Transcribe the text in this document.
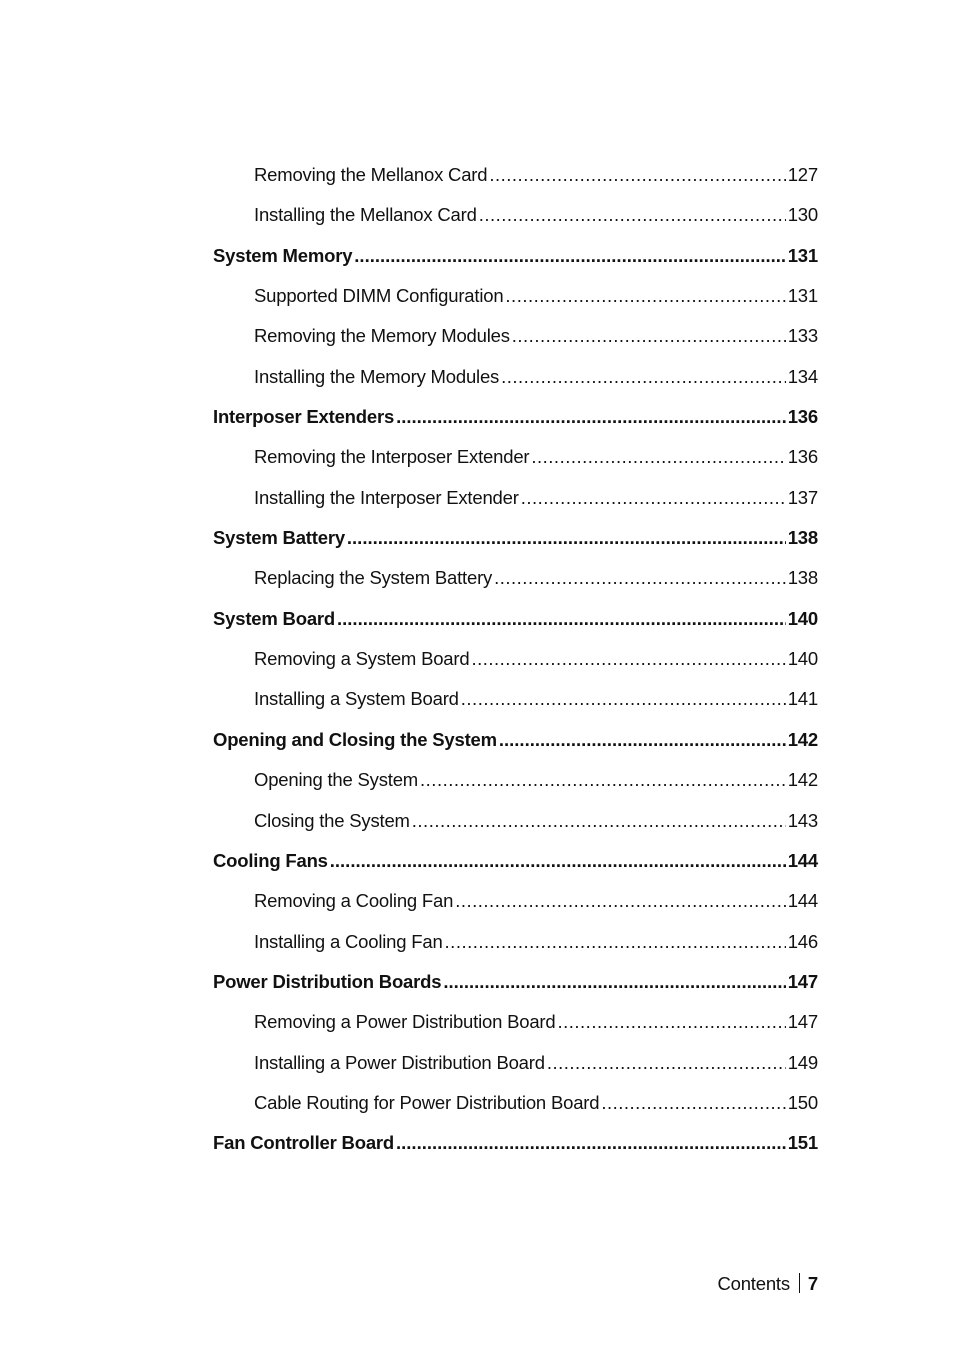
Removing the Mellanox Card .....	127
Installing the Mellanox Card .....	130
System Memory .....	131
Supported DIMM Configuration .....	131
Removing the Memory Modules .....	133
Installing the Memory Modules .....	134
Interposer Extenders .....	136
Removing the Interposer Extender .....	136
Installing the Interposer Extender .....	137
System Battery .....	138
Replacing the System Battery .....	138
System Board .....	140
Removing a System Board .....	140
Installing a System Board .....	141
Opening and Closing the System .....	142
Opening the System .....	142
Closing the System .....	143
Cooling Fans .....	144
Removing a Cooling Fan .....	144
Installing a Cooling Fan .....	146
Power Distribution Boards .....	147
Removing a Power Distribution Board .....	147
Installing a Power Distribution Board .....	149
Cable Routing for Power Distribution Board .....	150
Fan Controller Board .....	151
Contents 7
